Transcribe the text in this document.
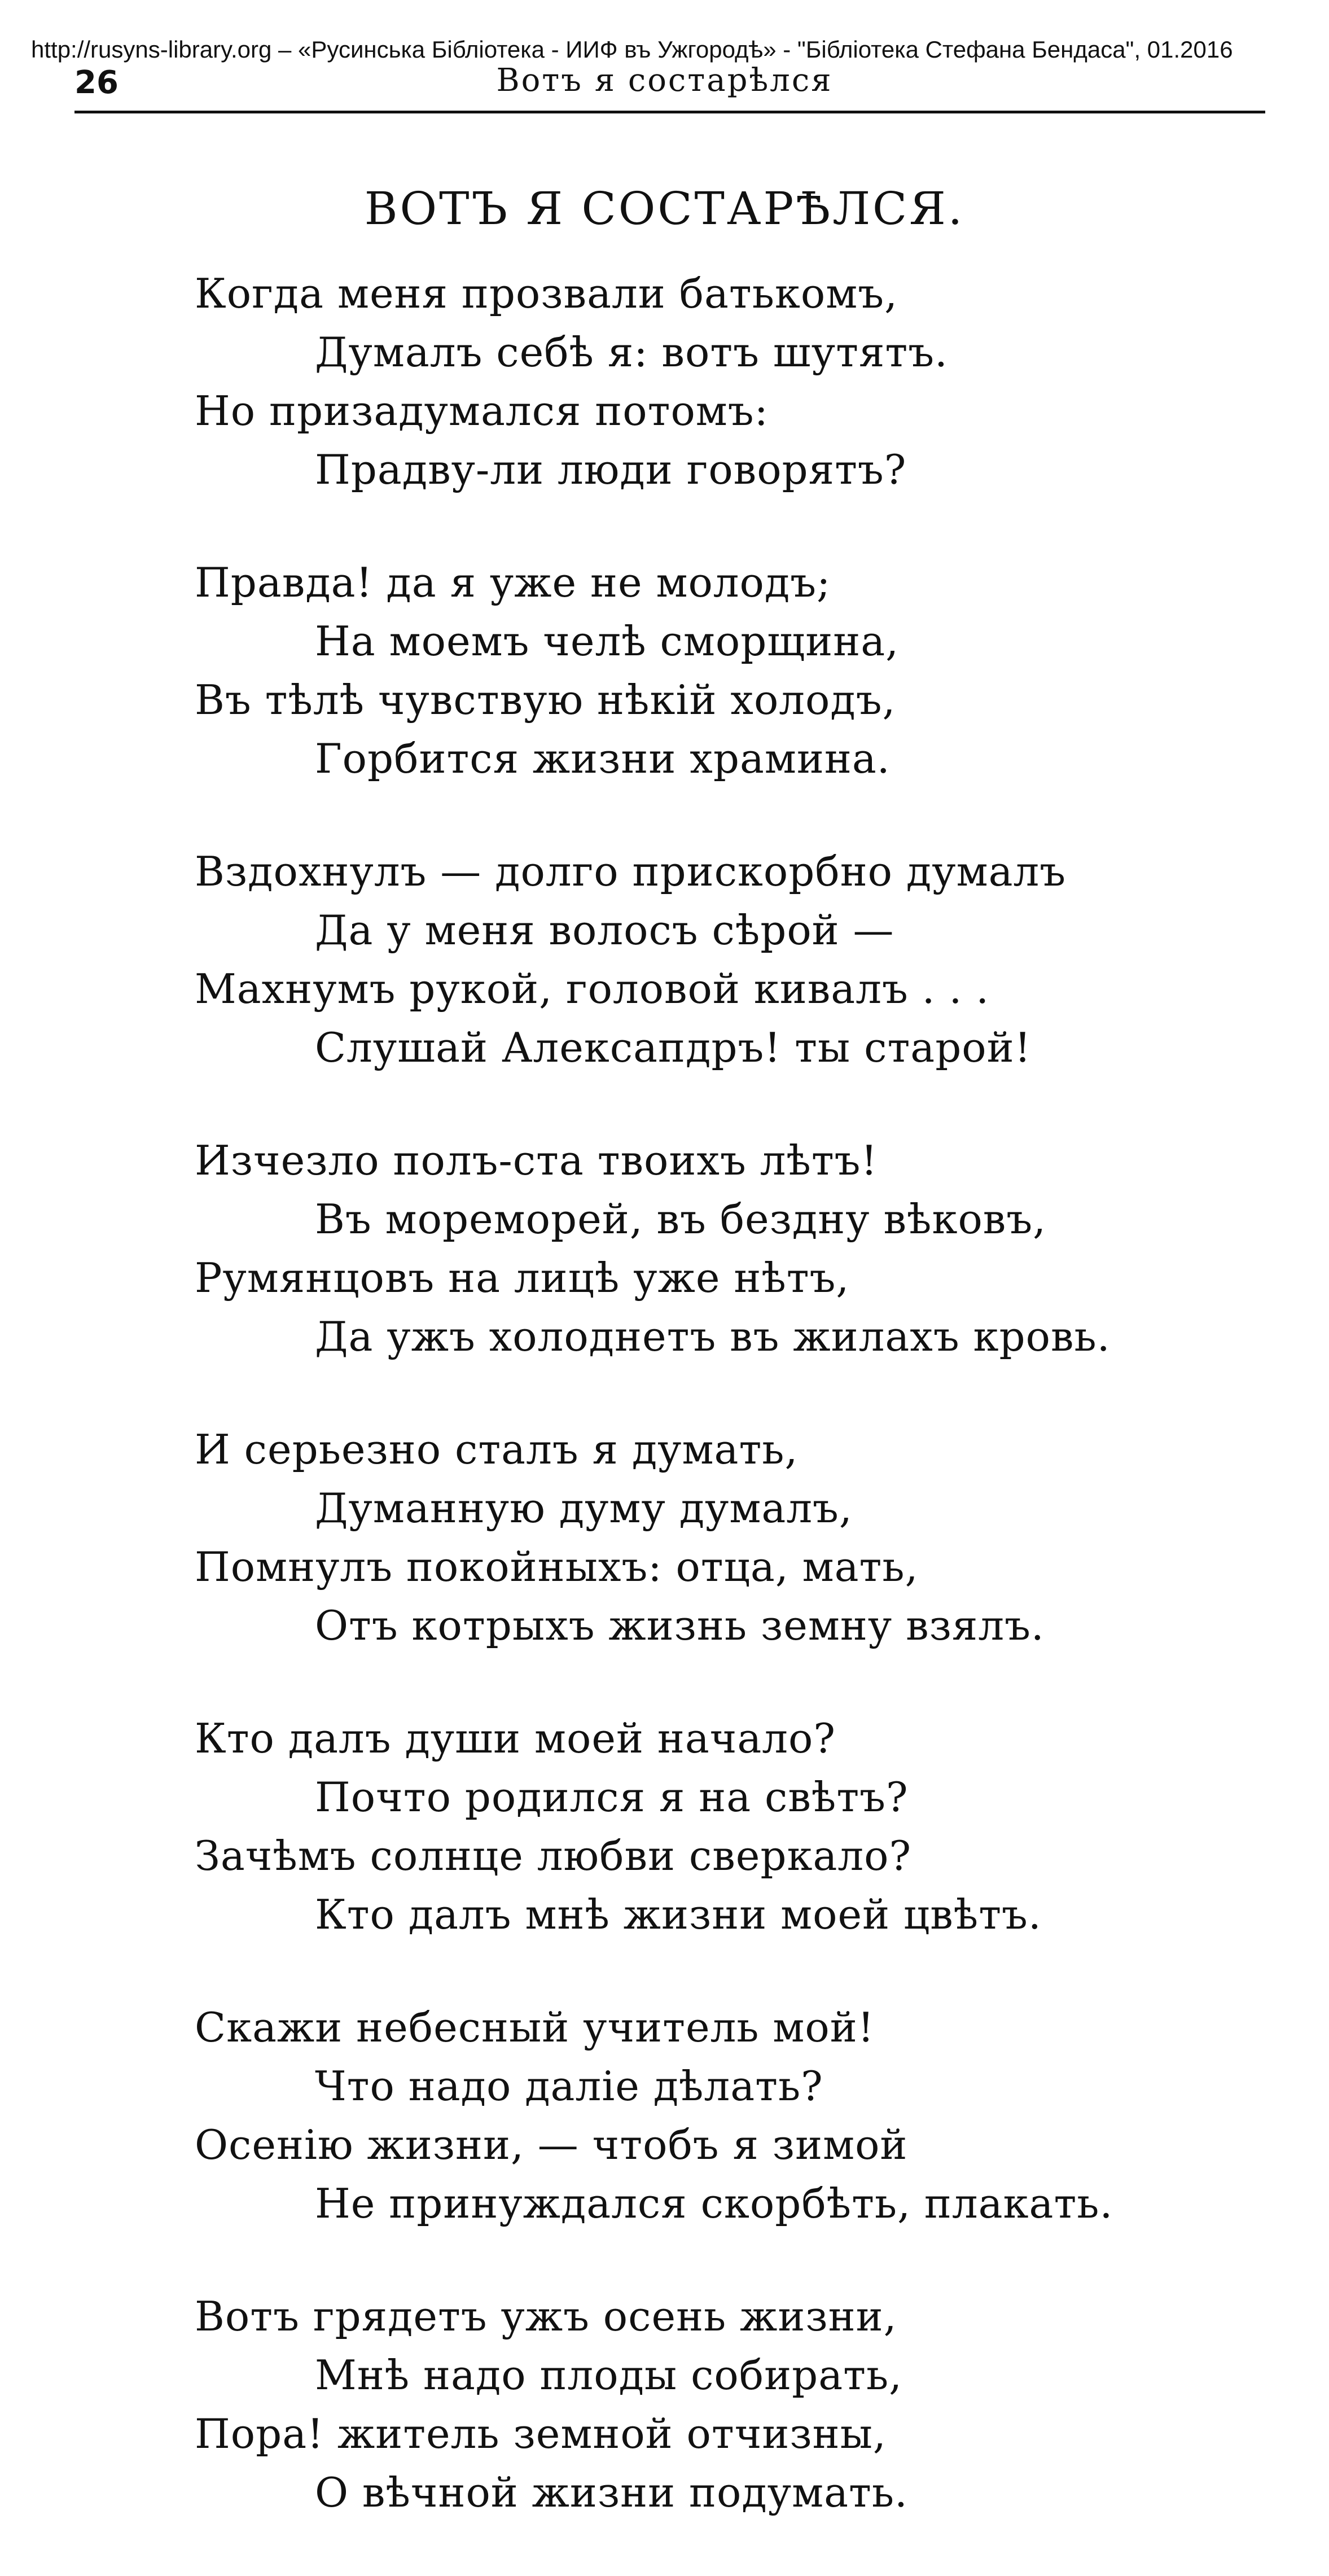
http://rusyns-library.org – «Русинська Бібліотека - ИИФ въ Ужгородѣ» - "Бібліотека Стефана Бендаса", 01.2016
26	Вотъ я состарѣлся
ВОТЪ Я СОСТАРѢЛСЯ.
Когда меня прозвали батькомъ,
Думалъ себѣ я: вотъ шутятъ.
Но призадумался потомъ:
Прадву-ли люди говорятъ?
Правда! да я уже не молодъ;
На моемъ челѣ сморщина,
Въ тѣлѣ чувствую нѣкій холодъ,
Горбится жизни храмина.
Вздохнулъ — долго прискорбно думалъ
Да у меня волосъ сѣрой —
Махнумъ рукой, головой кивалъ . . .
Слушай Алексапдръ! ты старой!
Изчезло полъ-ста твоихъ лѣтъ!
Въ мореморей, въ бездну вѣковъ,
Румянцовъ на лицѣ уже нѣтъ,
Да ужъ холоднетъ въ жилахъ кровь.
И серьезно сталъ я думать,
Думанную думу думалъ,
Помнулъ покойныхъ: отца, мать,
Отъ котрыхъ жизнь земну взялъ.
Кто далъ души моей начало?
Почто родился я на свѣтъ?
Зачѣмъ солнце любви сверкало?
Кто далъ мнѣ жизни моей цвѣтъ.
Скажи небесный учитель мой!
Что надо даліе дѣлать?
Осенію жизни, — чтобъ я зимой
Не принуждался скорбѣть, плакать.
Вотъ грядетъ ужъ осень жизни,
Мнѣ надо плоды собирать,
Пора! житель земной отчизны,
О вѣчной жизни подумать.
